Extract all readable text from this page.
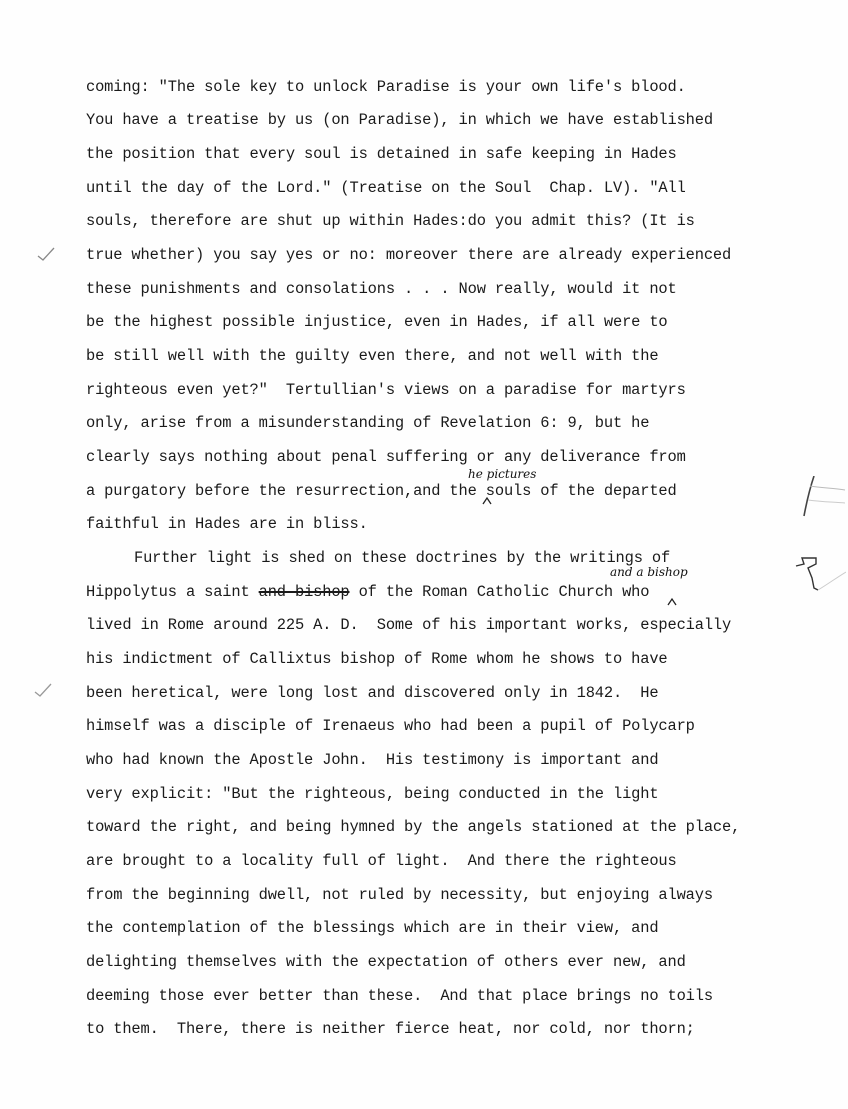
coming: "The sole key to unlock Paradise is your own life's blood.
You have a treatise by us (on Paradise), in which we have established
the position that every soul is detained in safe keeping in Hades
until the day of the Lord." (Treatise on the Soul  Chap. LV). "All
souls, therefore are shut up within Hades:do you admit this? (It is
true whether) you say yes or no: moreover there are already experienced
these punishments and consolations . . . Now really, would it not
be the highest possible injustice, even in Hades, if all were to
be still well with the guilty even there, and not well with the
righteous even yet?"  Tertullian's views on a paradise for martyrs
only, arise from a misunderstanding of Revelation 6: 9, but he
clearly says nothing about penal suffering or any deliverance from
a purgatory before the resurrection,and the souls of the departed
faithful in Hades are in bliss.
he pictures
Further light is shed on these doctrines by the writings of
Hippolytus a saint and bishop of the Roman Catholic Church who
and a bishop
lived in Rome around 225 A. D.  Some of his important works, especially
his indictment of Callixtus bishop of Rome whom he shows to have
been heretical, were long lost and discovered only in 1842.  He
himself was a disciple of Irenaeus who had been a pupil of Polycarp
who had known the Apostle John.  His testimony is important and
very explicit: "But the righteous, being conducted in the light
toward the right, and being hymned by the angels stationed at the place,
are brought to a locality full of light.  And there the righteous
from the beginning dwell, not ruled by necessity, but enjoying always
the contemplation of the blessings which are in their view, and
delighting themselves with the expectation of others ever new, and
deeming those ever better than these.  And that place brings no toils
to them.  There, there is neither fierce heat, nor cold, nor thorn;
